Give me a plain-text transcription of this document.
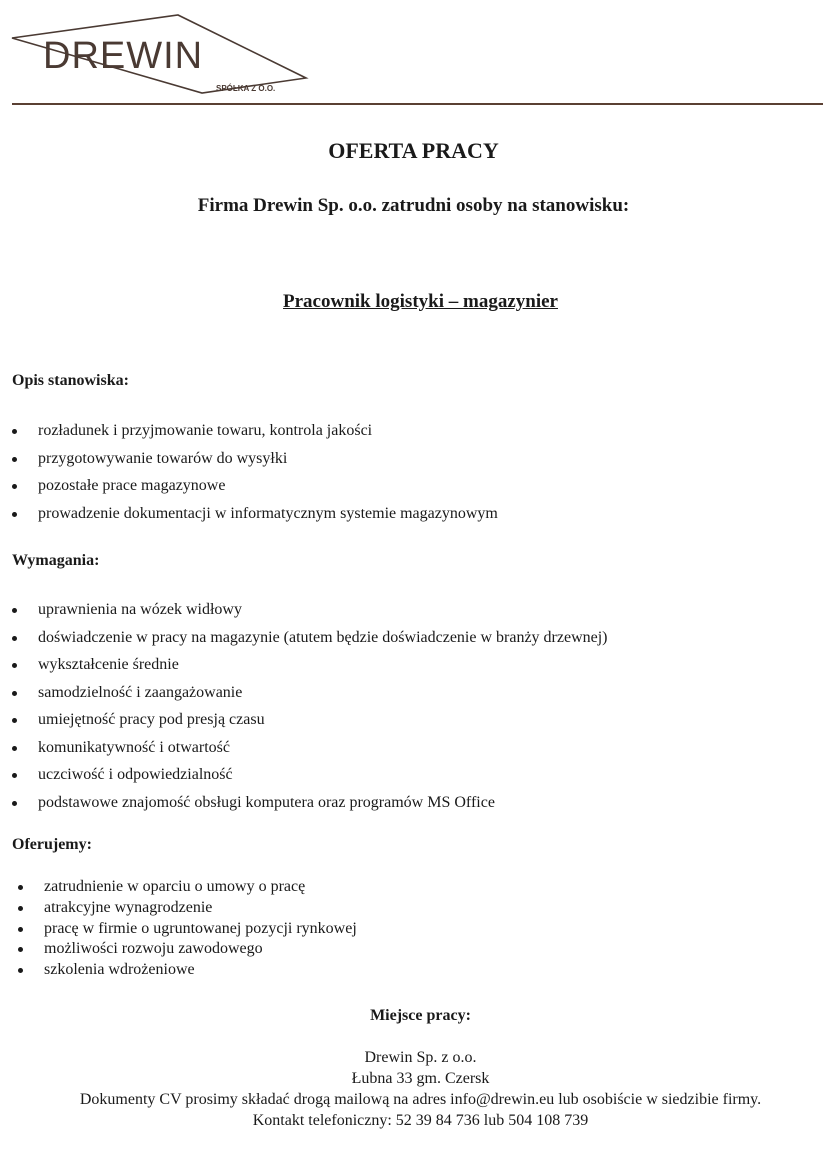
DREWIN
SPÓŁKA Z O.O.
OFERTA PRACY
Firma Drewin Sp. o.o. zatrudni osoby na stanowisku:
Pracownik logistyki – magazynier
Opis stanowiska:
rozładunek i przyjmowanie towaru, kontrola jakości
przygotowywanie towarów do wysyłki
pozostałe prace magazynowe
prowadzenie dokumentacji w informatycznym systemie magazynowym
Wymagania:
uprawnienia na wózek widłowy
doświadczenie w pracy na magazynie (atutem będzie doświadczenie w branży drzewnej)
wykształcenie średnie
samodzielność i zaangażowanie
umiejętność pracy pod presją czasu
komunikatywność i otwartość
uczciwość i odpowiedzialność
podstawowe znajomość obsługi komputera oraz programów MS Office
Oferujemy:
zatrudnienie w oparciu o umowy o pracę
atrakcyjne wynagrodzenie
pracę w firmie o ugruntowanej pozycji rynkowej
możliwości rozwoju zawodowego
szkolenia wdrożeniowe
Miejsce pracy:
Drewin Sp. z o.o.
Łubna 33 gm. Czersk
Dokumenty CV prosimy składać drogą mailową na adres info@drewin.eu lub osobiście w siedzibie firmy.
Kontakt telefoniczny: 52 39 84 736 lub 504 108 739
